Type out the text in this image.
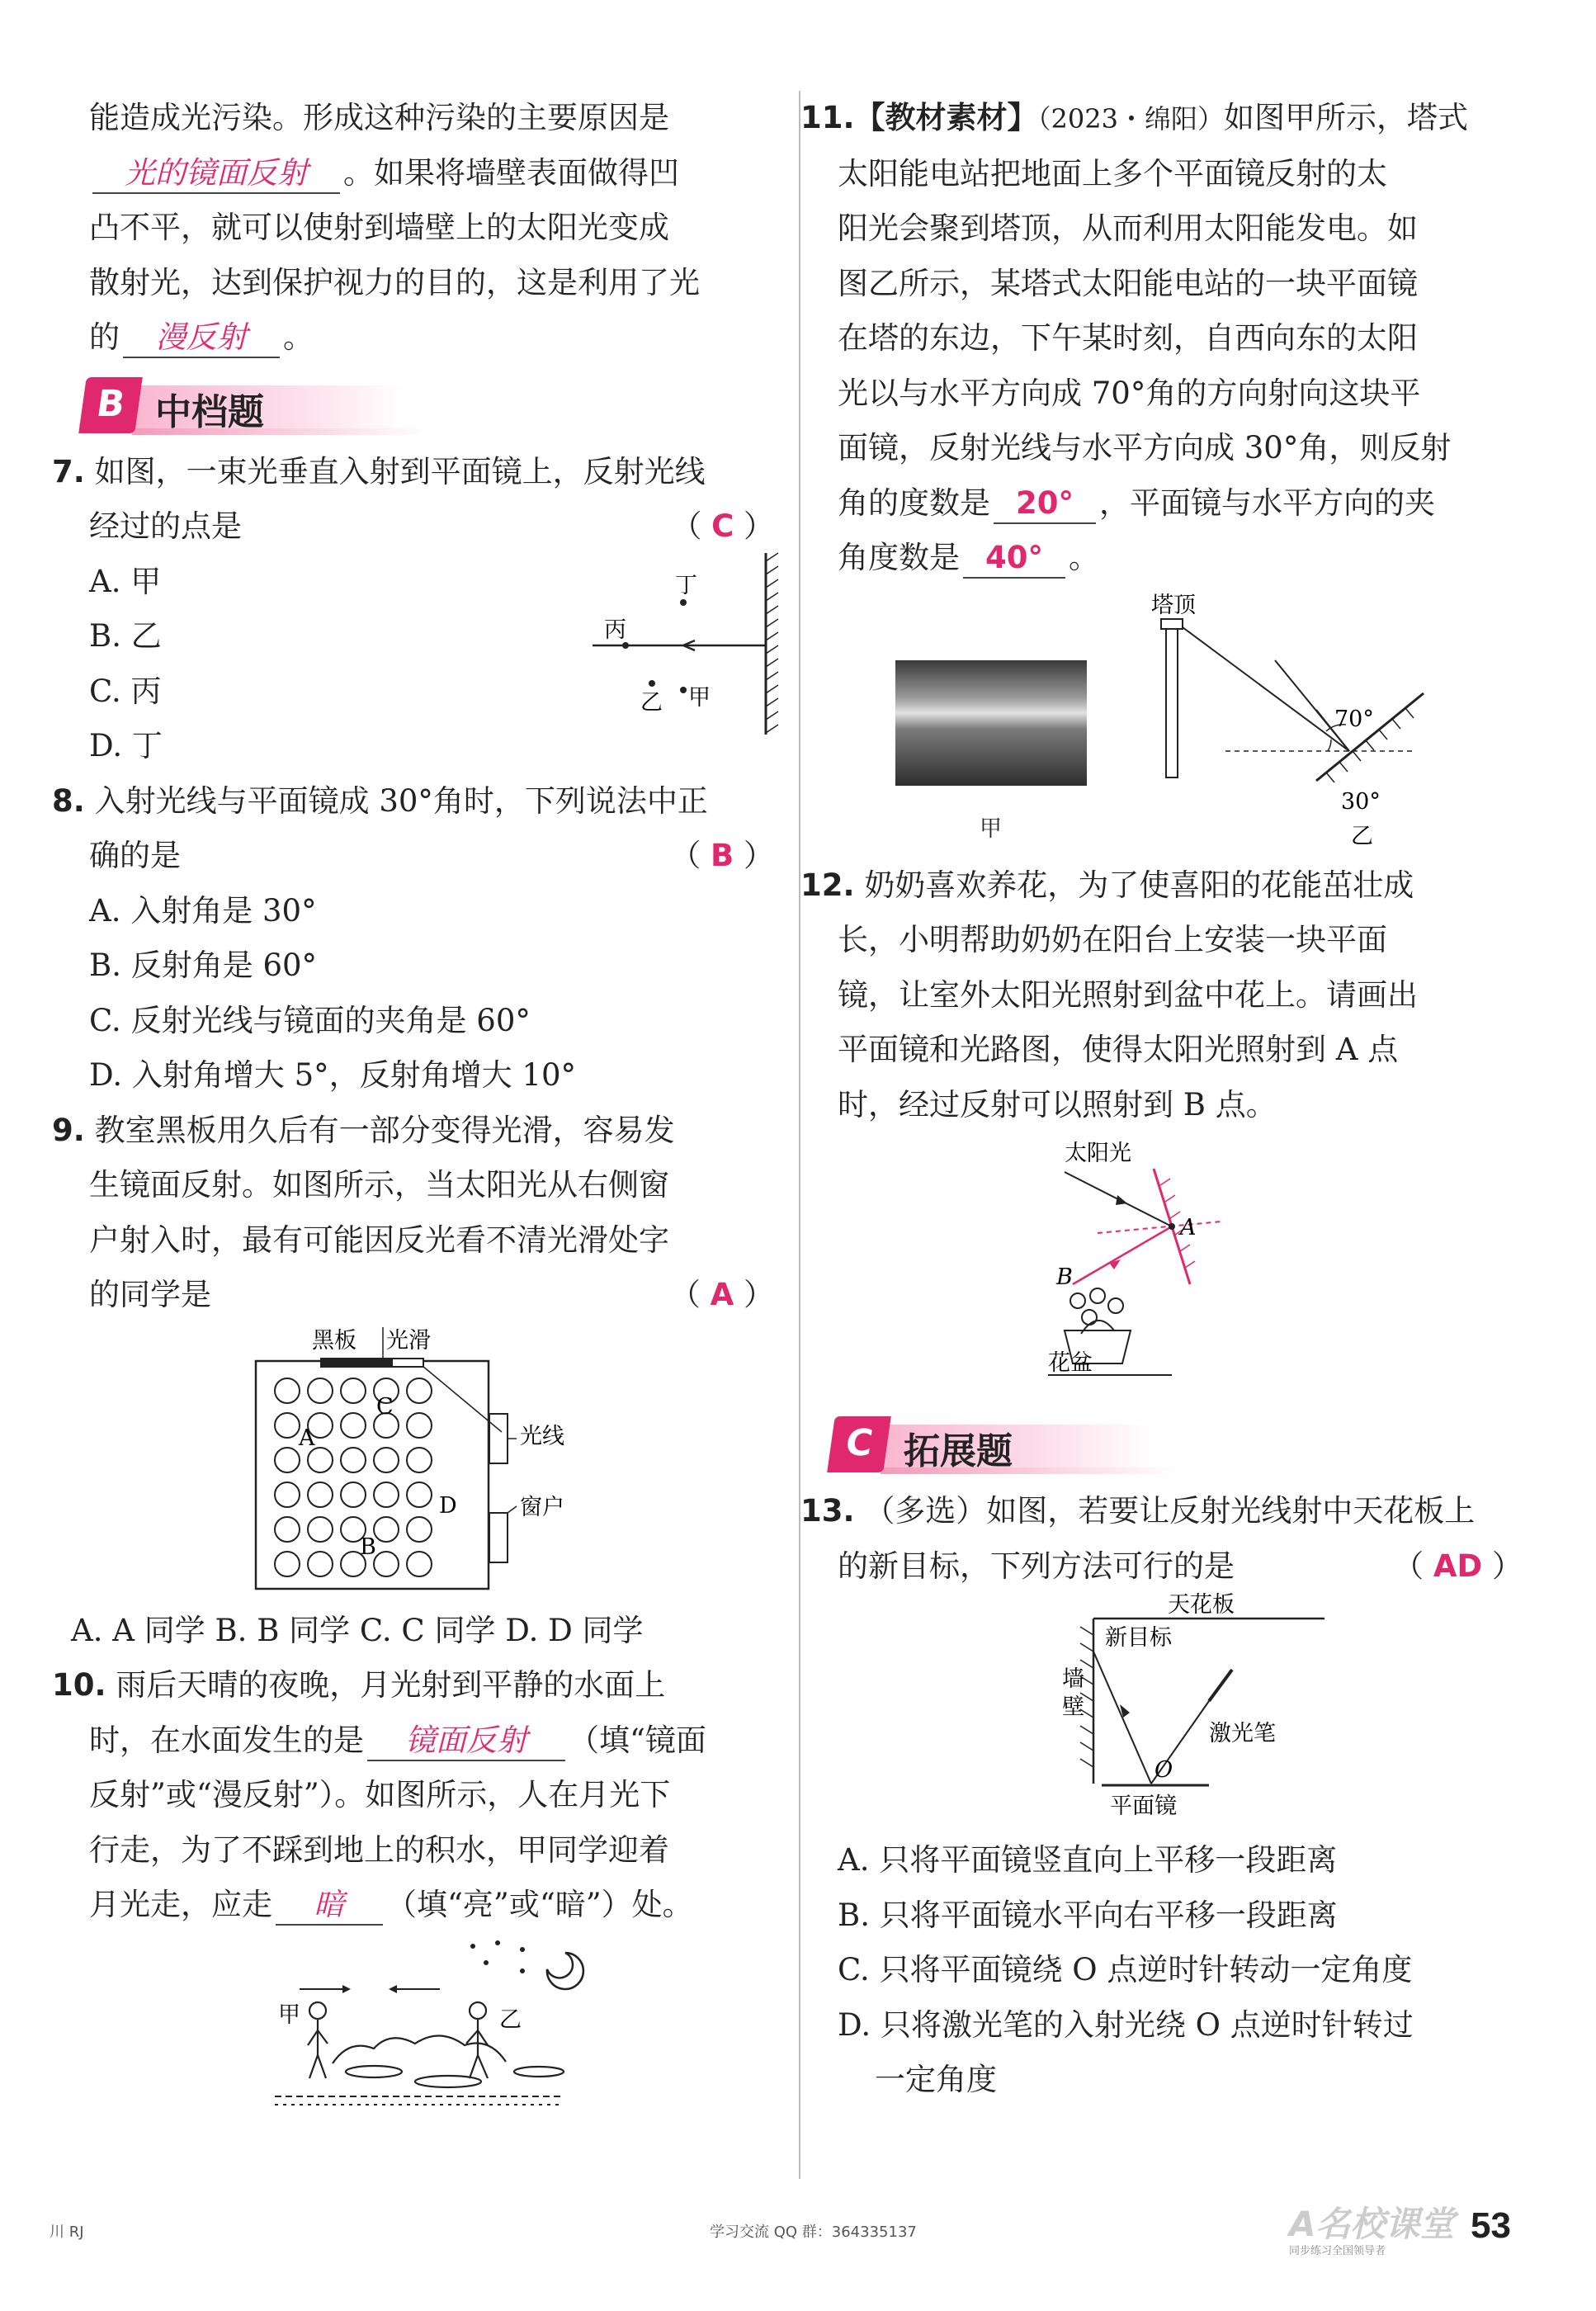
能造成光污染。形成这种污染的主要原因是
光的镜面反射 。如果将墙壁表面做得凹
凸不平，就可以使射到墙壁上的太阳光变成
散射光，达到保护视力的目的，这是利用了光
的 漫反射 。
B 中档题
7. 如图，一束光垂直入射到平面镜上，反射光线
经过的点是	（ C ）
A. 甲
B. 乙
C. 丙
D. 丁
丁
丙
乙 甲
8. 入射光线与平面镜成 30°角时，下列说法中正
确的是	（ B ）
A. 入射角是 30°
B. 反射角是 60°
C. 反射光线与镜面的夹角是 60°
D. 入射角增大 5°，反射角增大 10°
9. 教室黑板用久后有一部分变得光滑，容易发
生镜面反射。如图所示，当太阳光从右侧窗
户射入时，最有可能因反光看不清光滑处字
的同学是	（ A ）
黑板 光滑
A
C
D
B
光线
窗户
A. A 同学 B. B 同学 C. C 同学 D. D 同学
10. 雨后天晴的夜晚，月光射到平静的水面上
时，在水面发生的是 镜面反射 （填“镜面
反射”或“漫反射”）。如图所示，人在月光下
行走，为了不踩到地上的积水，甲同学迎着
月光走，应走 暗 （填“亮”或“暗”）处。
甲	乙
11.【教材素材】（2023・绵阳）如图甲所示，塔式
太阳能电站把地面上多个平面镜反射的太
阳光会聚到塔顶，从而利用太阳能发电。如
图乙所示，某塔式太阳能电站的一块平面镜
在塔的东边，下午某时刻，自西向东的太阳
光以与水平方向成 70°角的方向射向这块平
面镜，反射光线与水平方向成 30°角，则反射
角的度数是 20° ，平面镜与水平方向的夹
角度数是 40° 。
甲
塔顶
70°
30°
乙
12. 奶奶喜欢养花，为了使喜阳的花能茁壮成
长，小明帮助奶奶在阳台上安装一块平面
镜，让室外太阳光照射到盆中花上。请画出
平面镜和光路图，使得太阳光照射到 A 点
时，经过反射可以照射到 B 点。
太阳光
A
B
花盆
C 拓展题
13. （多选）如图，若要让反射光线射中天花板上
的新目标，下列方法可行的是	（ AD ）
天花板
新目标
墙
壁
激光笔
O
平面镜
A. 只将平面镜竖直向上平移一段距离
B. 只将平面镜水平向右平移一段距离
C. 只将平面镜绕 O 点逆时针转动一定角度
D. 只将激光笔的入射光绕 O 点逆时针转过
一定角度
川 RJ	学习交流 QQ 群：364335137	A名校课堂
同步练习全国领导者
53
